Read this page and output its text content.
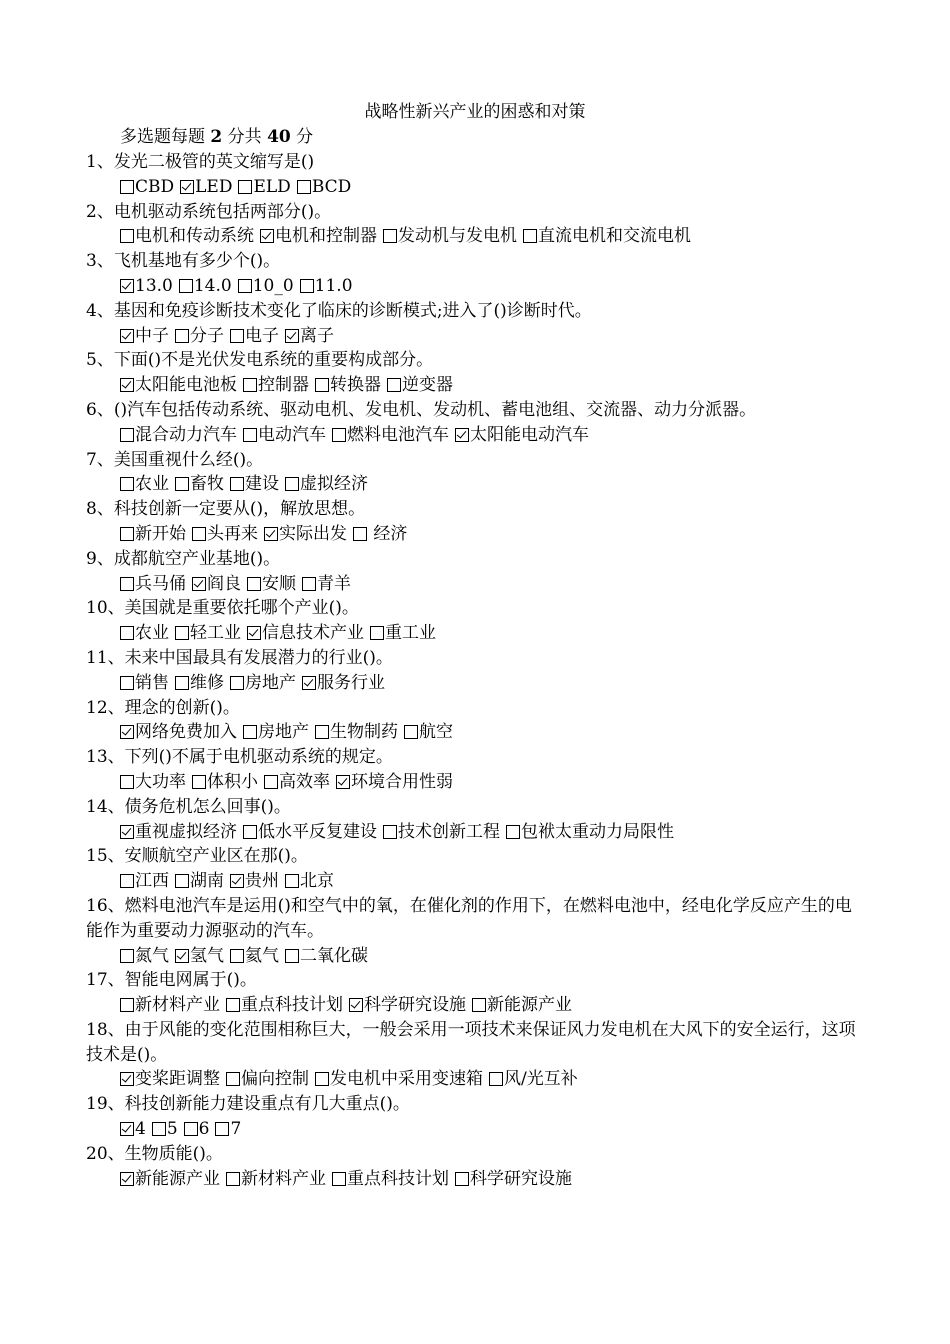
战略性新兴产业的困惑和对策
多选题每题 2 分共 40 分
1、发光二极管的英文缩写是()
CBD LED ELD BCD
2、电机驱动系统包括两部分()。
电机和传动系统 电机和控制器 发动机与发电机 直流电机和交流电机
3、飞机基地有多少个()。
13.0 14.0 10_0 11.0
4、基因和免疫诊断技术变化了临床的诊断模式;进入了()诊断时代。
中子 分子 电子 离子
5、下面()不是光伏发电系统的重要构成部分。
太阳能电池板 控制器 转换器 逆变器
6、()汽车包括传动系统、驱动电机、发电机、发动机、蓄电池组、交流器、动力分派器。
混合动力汽车 电动汽车 燃料电池汽车 太阳能电动汽车
7、美国重视什么经()。
农业 畜牧 建设 虚拟经济
8、科技创新一定要从()，解放思想。
新开始 头再来 实际出发 经济
9、成都航空产业基地()。
兵马俑 阎良 安顺 青羊
10、美国就是重要依托哪个产业()。
农业 轻工业 信息技术产业 重工业
11、未来中国最具有发展潜力的行业()。
销售 维修 房地产 服务行业
12、理念的创新()。
网络免费加入 房地产 生物制药 航空
13、下列()不属于电机驱动系统的规定。
大功率 体积小 高效率 环境合用性弱
14、债务危机怎么回事()。
重视虚拟经济 低水平反复建设 技术创新工程 包袱太重动力局限性
15、安顺航空产业区在那()。
江西 湖南 贵州 北京
16、燃料电池汽车是运用()和空气中的氧，在催化剂的作用下，在燃料电池中，经电化学反应产生的电能作为重要动力源驱动的汽车。
氮气 氢气 氦气 二氧化碳
17、智能电网属于()。
新材料产业 重点科技计划 科学研究设施 新能源产业
18、由于风能的变化范围相称巨大，一般会采用一项技术来保证风力发电机在大风下的安全运行，这项技术是()。
变桨距调整 偏向控制 发电机中采用变速箱 风/光互补
19、科技创新能力建设重点有几大重点()。
4 5 6 7
20、生物质能()。
新能源产业 新材料产业 重点科技计划 科学研究设施
